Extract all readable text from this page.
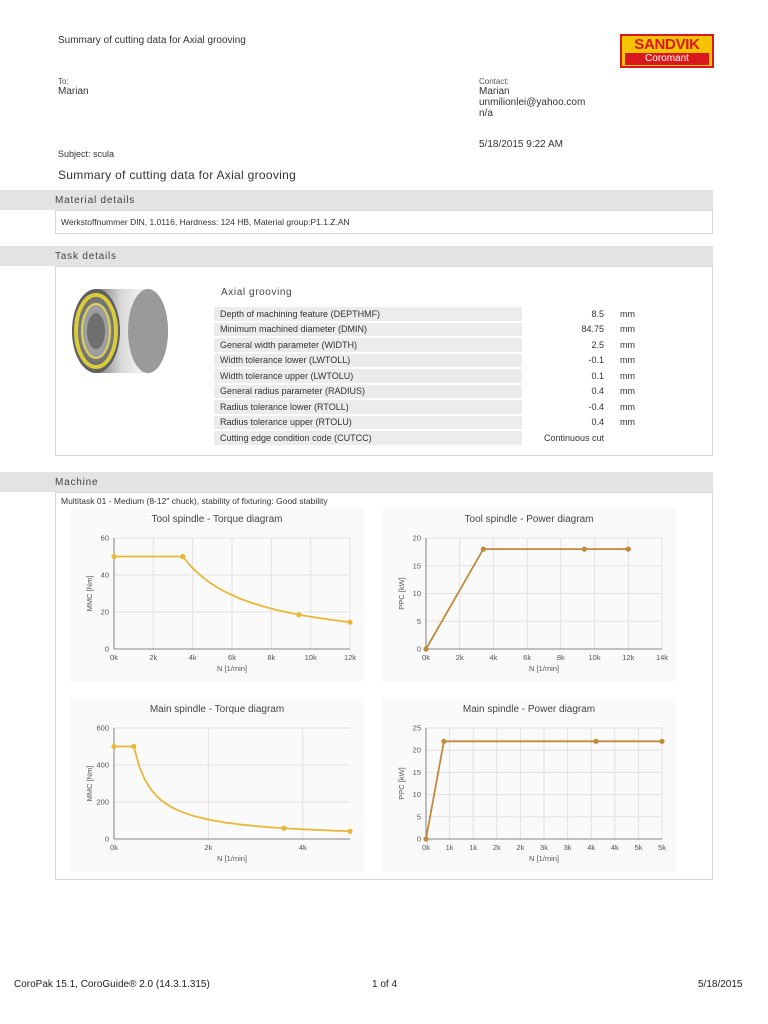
Summary of cutting data for Axial grooving	SANDVIK
Coromant
To:
Marian
Contact:
Marian
unmilionlei@yahoo.com
n/a
5/18/2015 9:22 AM
Subject: scula
Summary of cutting data for Axial grooving
Material details
Werkstoffnummer DIN, 1.0116, Hardness: 124 HB, Material group:P1.1.Z.AN
Task details
Axial grooving
Depth of machining feature (DEPTHMF)	8.5	mm
Minimum machined diameter (DMIN)	84.75	mm
General width parameter (WIDTH)	2.5	mm
Width tolerance lower (LWTOLL)	-0.1	mm
Width tolerance upper (LWTOLU)	0.1	mm
General radius parameter (RADIUS)	0.4	mm
Radius tolerance lower (RTOLL)	-0.4	mm
Radius tolerance upper (RTOLU)	0.4	mm
Cutting edge condition code (CUTCC)	Continuous cut	
Machine
Multitask 01 - Medium (8-12" chuck), stability of fixturing: Good stability
Tool spindle - Torque diagram
0
20
40
60
0k	2k	4k	6k	8k	10k	12k
N [1/min]
MMC [Nm]
Tool spindle - Power diagram
0
5
10
15
20
0k	2k	4k	6k	8k	10k	12k	14k
N [1/min]
PPC [kW]
Main spindle - Torque diagram
0
200
400
600
0k	2k	4k
N [1/min]
MMC [Nm]
Main spindle - Power diagram
0
5
10
15
20
25
0k 1k 1k 2k 2k 3k 3k 4k 4k 5k 5k
N [1/min]
PPC [kW]
CoroPak 15.1, CoroGuide® 2.0 (14.3.1.315)	1 of 4	5/18/2015
